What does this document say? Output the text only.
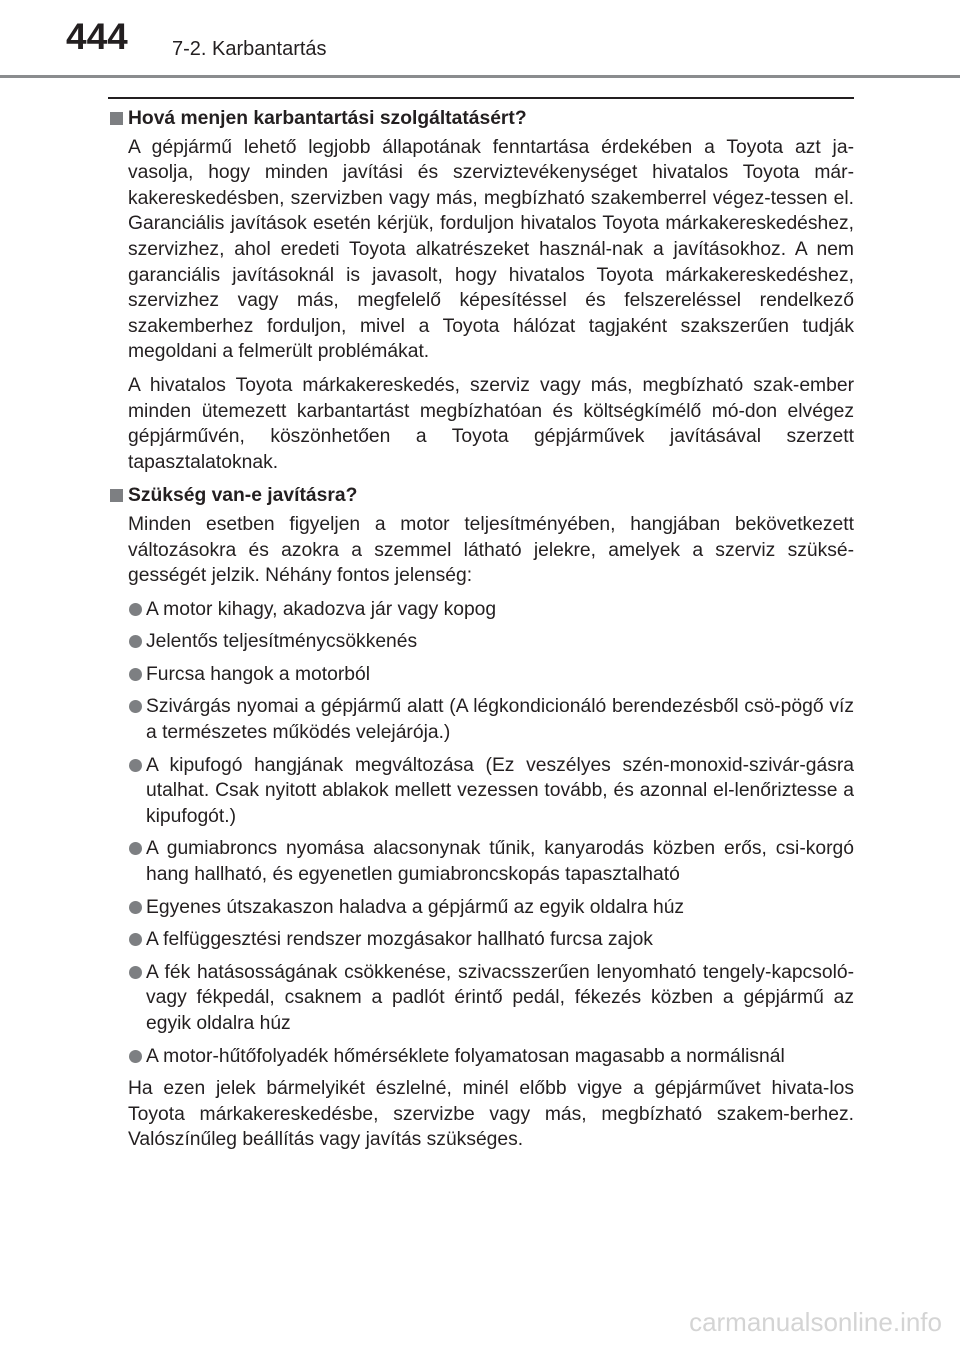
444 7-2. Karbantartás
Hová menjen karbantartási szolgáltatásért?
A gépjármű lehető legjobb állapotának fenntartása érdekében a Toyota azt ja-vasolja, hogy minden javítási és szerviztevékenységet hivatalos Toyota már-kakereskedésben, szervizben vagy más, megbízható szakemberrel végez-tessen el. Garanciális javítások esetén kérjük, forduljon hivatalos Toyota márkakereskedéshez, szervizhez, ahol eredeti Toyota alkatrészeket használ-nak a javításokhoz. A nem garanciális javításoknál is javasolt, hogy hivatalos Toyota márkakereskedéshez, szervizhez vagy más, megfelelő képesítéssel és felszereléssel rendelkező szakemberhez forduljon, mivel a Toyota hálózat tagjaként szakszerűen tudják megoldani a felmerült problémákat.
A hivatalos Toyota márkakereskedés, szerviz vagy más, megbízható szak-ember minden ütemezett karbantartást megbízhatóan és költségkímélő mó-don elvégez gépjárművén, köszönhetően a Toyota gépjárművek javításával szerzett tapasztalatoknak.
Szükség van-e javításra?
Minden esetben figyeljen a motor teljesítményében, hangjában bekövetkezett változásokra és azokra a szemmel látható jelekre, amelyek a szerviz szüksé-gességét jelzik. Néhány fontos jelenség:
A motor kihagy, akadozva jár vagy kopog
Jelentős teljesítménycsökkenés
Furcsa hangok a motorból
Szivárgás nyomai a gépjármű alatt (A légkondicionáló berendezésből csö-pögő víz a természetes működés velejárója.)
A kipufogó hangjának megváltozása (Ez veszélyes szén-monoxid-szivár-gásra utalhat. Csak nyitott ablakok mellett vezessen tovább, és azonnal el-lenőriztesse a kipufogót.)
A gumiabroncs nyomása alacsonynak tűnik, kanyarodás közben erős, csi-korgó hang hallható, és egyenetlen gumiabroncskopás tapasztalható
Egyenes útszakaszon haladva a gépjármű az egyik oldalra húz
A felfüggesztési rendszer mozgásakor hallható furcsa zajok
A fék hatásosságának csökkenése, szivacsszerűen lenyomható tengely-kapcsoló- vagy fékpedál, csaknem a padlót érintő pedál, fékezés közben a gépjármű az egyik oldalra húz
A motor-hűtőfolyadék hőmérséklete folyamatosan magasabb a normálisnál
Ha ezen jelek bármelyikét észlelné, minél előbb vigye a gépjárművet hivata-los Toyota márkakereskedésbe, szervizbe vagy más, megbízható szakem-berhez. Valószínűleg beállítás vagy javítás szükséges.
carmanualsonline.info
